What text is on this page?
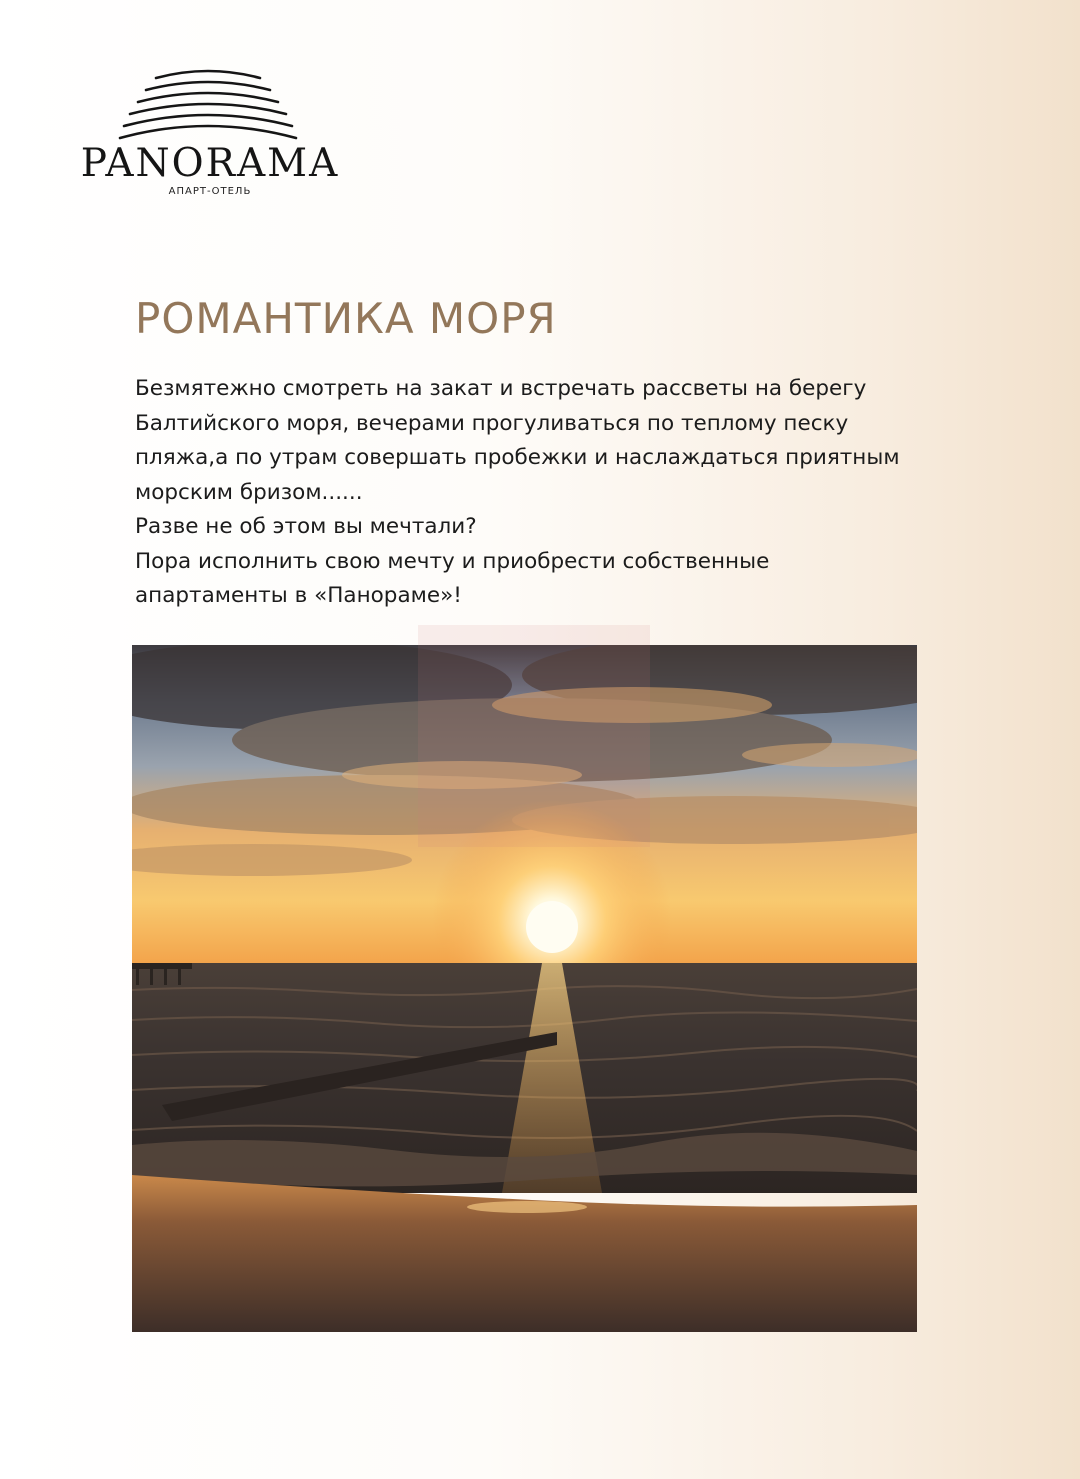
PANORAMA
АПАРТ-ОТЕЛЬ
РОМАНТИКА МОРЯ

Безмятежно смотреть на закат и встречать рассветы на берегу

Балтийского моря, вечерами прогуливаться по теплому песку

пляжа,а по утрам совершать пробежки и наслаждаться приятным

морским бризом......

Разве не об этом вы мечтали?

Пора исполнить свою мечту и приобрести собственные

апартаменты в «Панораме»!
